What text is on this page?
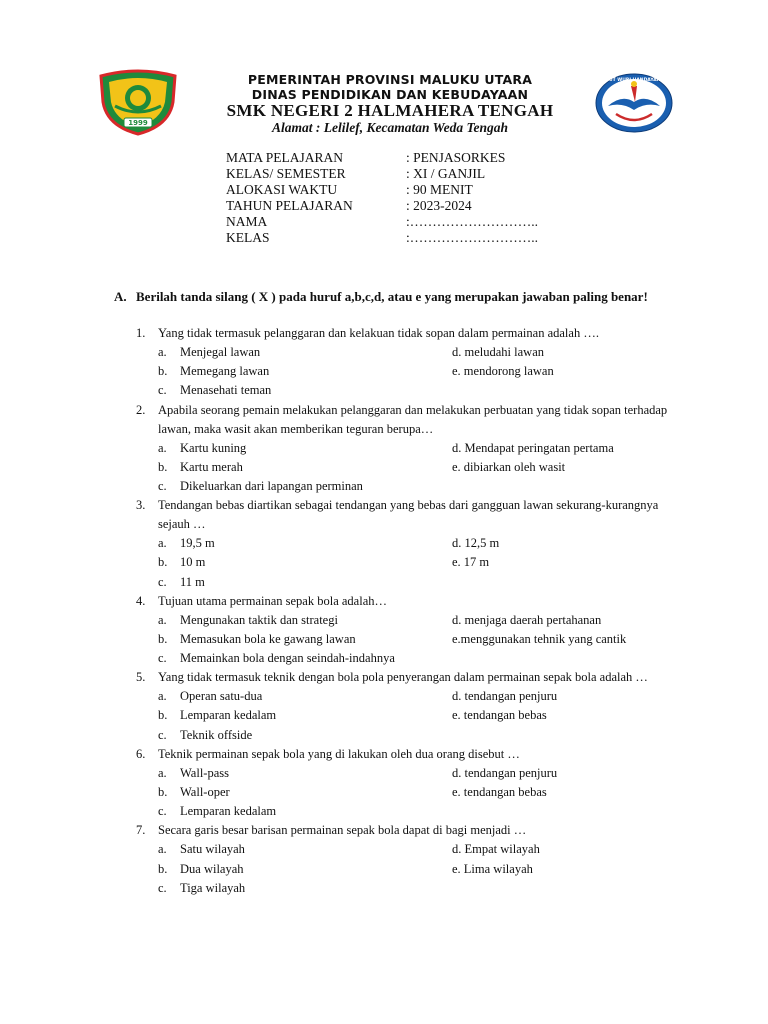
1999
PEMERINTAH PROVINSI MALUKU UTARA
DINAS PENDIDIKAN DAN KEBUDAYAAN
SMK NEGERI 2 HALMAHERA TENGAH
Alamat : Lelilef, Kecamatan Weda Tengah
TUT WURI HANDAYANI
MATA PELAJARAN	: PENJASORKES
KELAS/ SEMESTER	: XI / GANJIL
ALOKASI WAKTU	: 90 MENIT
TAHUN PELAJARAN	: 2023-2024
NAMA	:………………………..
KELAS	:………………………..
A. Berilah tanda silang ( X ) pada huruf a,b,c,d, atau e yang merupakan jawaban paling benar!
1. Yang tidak termasuk pelanggaran dan kelakuan tidak sopan dalam permainan adalah ….
a. Menjegal lawan	d. meludahi lawan
b. Memegang lawan	e. mendorong lawan
c. Menasehati teman
2. Apabila seorang pemain melakukan pelanggaran dan melakukan perbuatan yang tidak sopan terhadap lawan, maka wasit akan memberikan teguran berupa…
a. Kartu kuning	d. Mendapat peringatan pertama
b. Kartu merah	e. dibiarkan oleh wasit
c. Dikeluarkan dari lapangan perminan
3. Tendangan bebas diartikan sebagai tendangan yang bebas dari gangguan lawan sekurang-kurangnya sejauh …
a. 19,5 m	d. 12,5 m
b. 10 m	e. 17 m
c. 11 m
4. Tujuan utama permainan sepak bola adalah…
a. Mengunakan taktik dan strategi	d. menjaga daerah pertahanan
b. Memasukan bola ke gawang lawan	e.menggunakan tehnik yang cantik
c. Memainkan bola dengan seindah-indahnya
5. Yang tidak termasuk teknik dengan bola pola penyerangan dalam permainan sepak bola adalah …
a. Operan satu-dua	d. tendangan penjuru
b. Lemparan kedalam	e. tendangan bebas
c. Teknik offside
6. Teknik permainan sepak bola yang di lakukan oleh dua orang disebut …
a. Wall-pass	d. tendangan penjuru
b. Wall-oper	e. tendangan bebas
c. Lemparan kedalam
7. Secara garis besar barisan permainan sepak bola dapat di bagi menjadi …
a. Satu wilayah	d. Empat wilayah
b. Dua wilayah	e. Lima wilayah
c. Tiga wilayah
